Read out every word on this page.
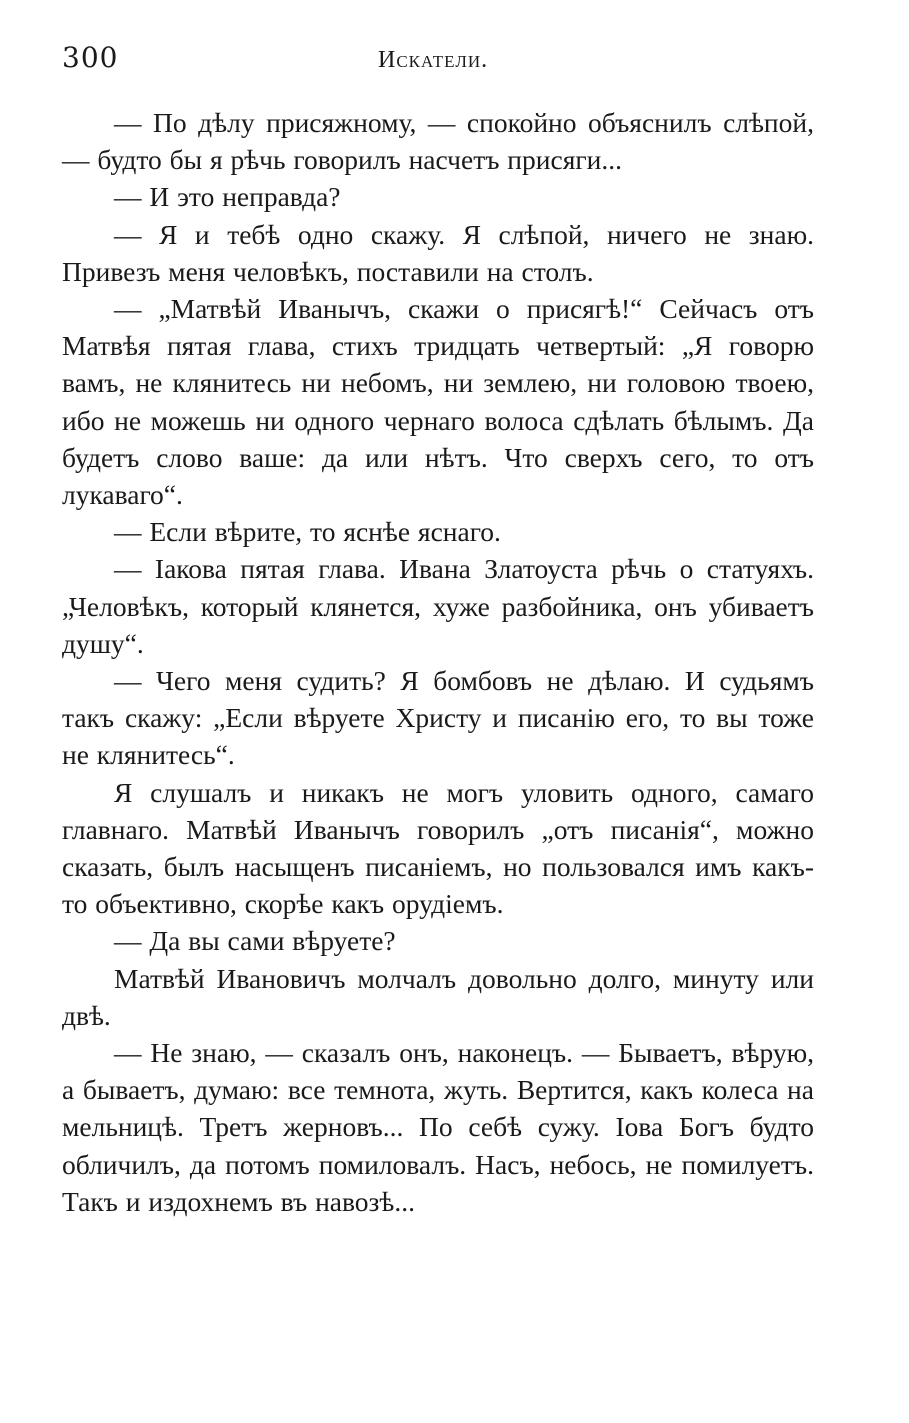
300	Искатели.

— По дѣлу присяжному, — спокойно объяснилъ слѣпой, — будто бы я рѣчь говорилъ насчетъ присяги...

— И это неправда?

— Я и тебѣ одно скажу. Я слѣпой, ничего не знаю. Привезъ меня человѣкъ, поставили на столъ.

— „Матвѣй Иванычъ, скажи о присягѣ!“ Сейчасъ отъ Матвѣя пятая глава, стихъ тридцать четвертый: „Я говорю вамъ, не клянитесь ни небомъ, ни землею, ни головою твоею, ибо не можешь ни одного чернаго волоса сдѣлать бѣлымъ. Да будетъ слово ваше: да или нѣтъ. Что сверхъ сего, то отъ лукаваго“.

— Если вѣрите, то яснѣе яснаго.

— Іакова пятая глава. Ивана Златоуста рѣчь о статуяхъ. „Человѣкъ, который клянется, хуже разбойника, онъ убиваетъ душу“.

— Чего меня судить? Я бомбовъ не дѣлаю. И судьямъ такъ скажу: „Если вѣруете Христу и писанію его, то вы тоже не клянитесь“.

Я слушалъ и никакъ не могъ уловить одного, самаго главнаго. Матвѣй Иванычъ говорилъ „отъ писанія“, можно сказать, былъ насыщенъ писаніемъ, но пользовался имъ какъ-то объективно, скорѣе какъ орудіемъ.

— Да вы сами вѣруете?

Матвѣй Ивановичъ молчалъ довольно долго, минуту или двѣ.

— Не знаю, — сказалъ онъ, наконецъ. — Бываетъ, вѣрую, а бываетъ, думаю: все темнота, жуть. Вертится, какъ колеса на мельницѣ. Третъ жерновъ... По себѣ сужу. Іова Богъ будто обличилъ, да потомъ помиловалъ. Насъ, небось, не помилуетъ. Такъ и издохнемъ въ навозѣ...
